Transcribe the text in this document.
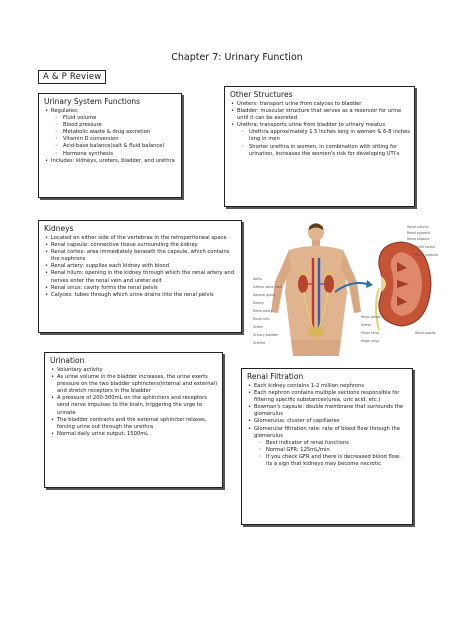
Chapter 7: Urinary Function
A & P Review
Urinary System Functions
• Regulates:
◦ Fluid volume
◦ Blood pressure
◦ Metabolic waste & drug excretion
◦ Vitamin D conversion
◦ Acid-base balance(salt & fluid balance)
◦ Hormone synthesis
• Includes: kidneys, ureters, bladder, and urethra
Other Structures
• Ureters: transport urine from calyces to bladder
• Bladder: muscular structure that serves as a reservoir for urine until it can be excreted
• Urethra: transports urine from bladder to urinary meatus
◦ Urethra approximately 1.5 inches long in women & 6-8 inches long in men
◦ Shorter urethra in women, in combination with sitting for urination, increases the women's risk for developing UTI's
Kidneys
• Located on either side of the vertebrae in the retroperitoneal space
• Renal capsule: connective tissue surrounding the kidney
• Renal cortex: area immediately beneath the capsule, which contains the nephrons
• Renal artery: supplies each kidney with blood
• Renal hilum: opening in the kidney through which the renal artery and nerves enter the renal vein and ureter exit
• Renal sinus: cavity forms the renal pelvis
• Calyces: tubes through which urine drains into the renal pelvis
Urination
• Voluntary activity
• As urine volume in the bladder increases, the urine exerts pressure on the two bladder sphincters(internal and external) and stretch receptors in the bladder
• A pressure of 200-300mL on the sphincters and receptors send nerve impulses to the brain, triggering the urge to urinate
• The bladder contracts and the external sphincter relaxes, forcing urine out through the urethra
• Normal daily urine output: 1500mL
Renal Filtration
• Each kidney contains 1-2 million nephrons
• Each nephron contains multiple sections responsible for filtering specific substances(urea, uric acid, etc.)
• Bowman's capsule: double membrane that surrounds the glomerulus
• Glomerulus: cluster of capillaries
• Glomerular filtration rate: rate of blood flow through the glomerulus
◦ Best indicator of renal functions
◦ Normal GFR: 125mL/min
◦ If you check GFR and there is decreased blood flow, its a sign that kidneys may become necrotic
Aorta
Inferior vena cava
Adrenal gland
Kidney
Renal artery
Renal vein
Ureter
Urinary bladder
Urethra
Renal column
Renal pyramid
Renal capsule
Renal cortex
Renal medulla
Renal pelvis
Ureter
Minor calyx
Major calyx
Renal papilla
